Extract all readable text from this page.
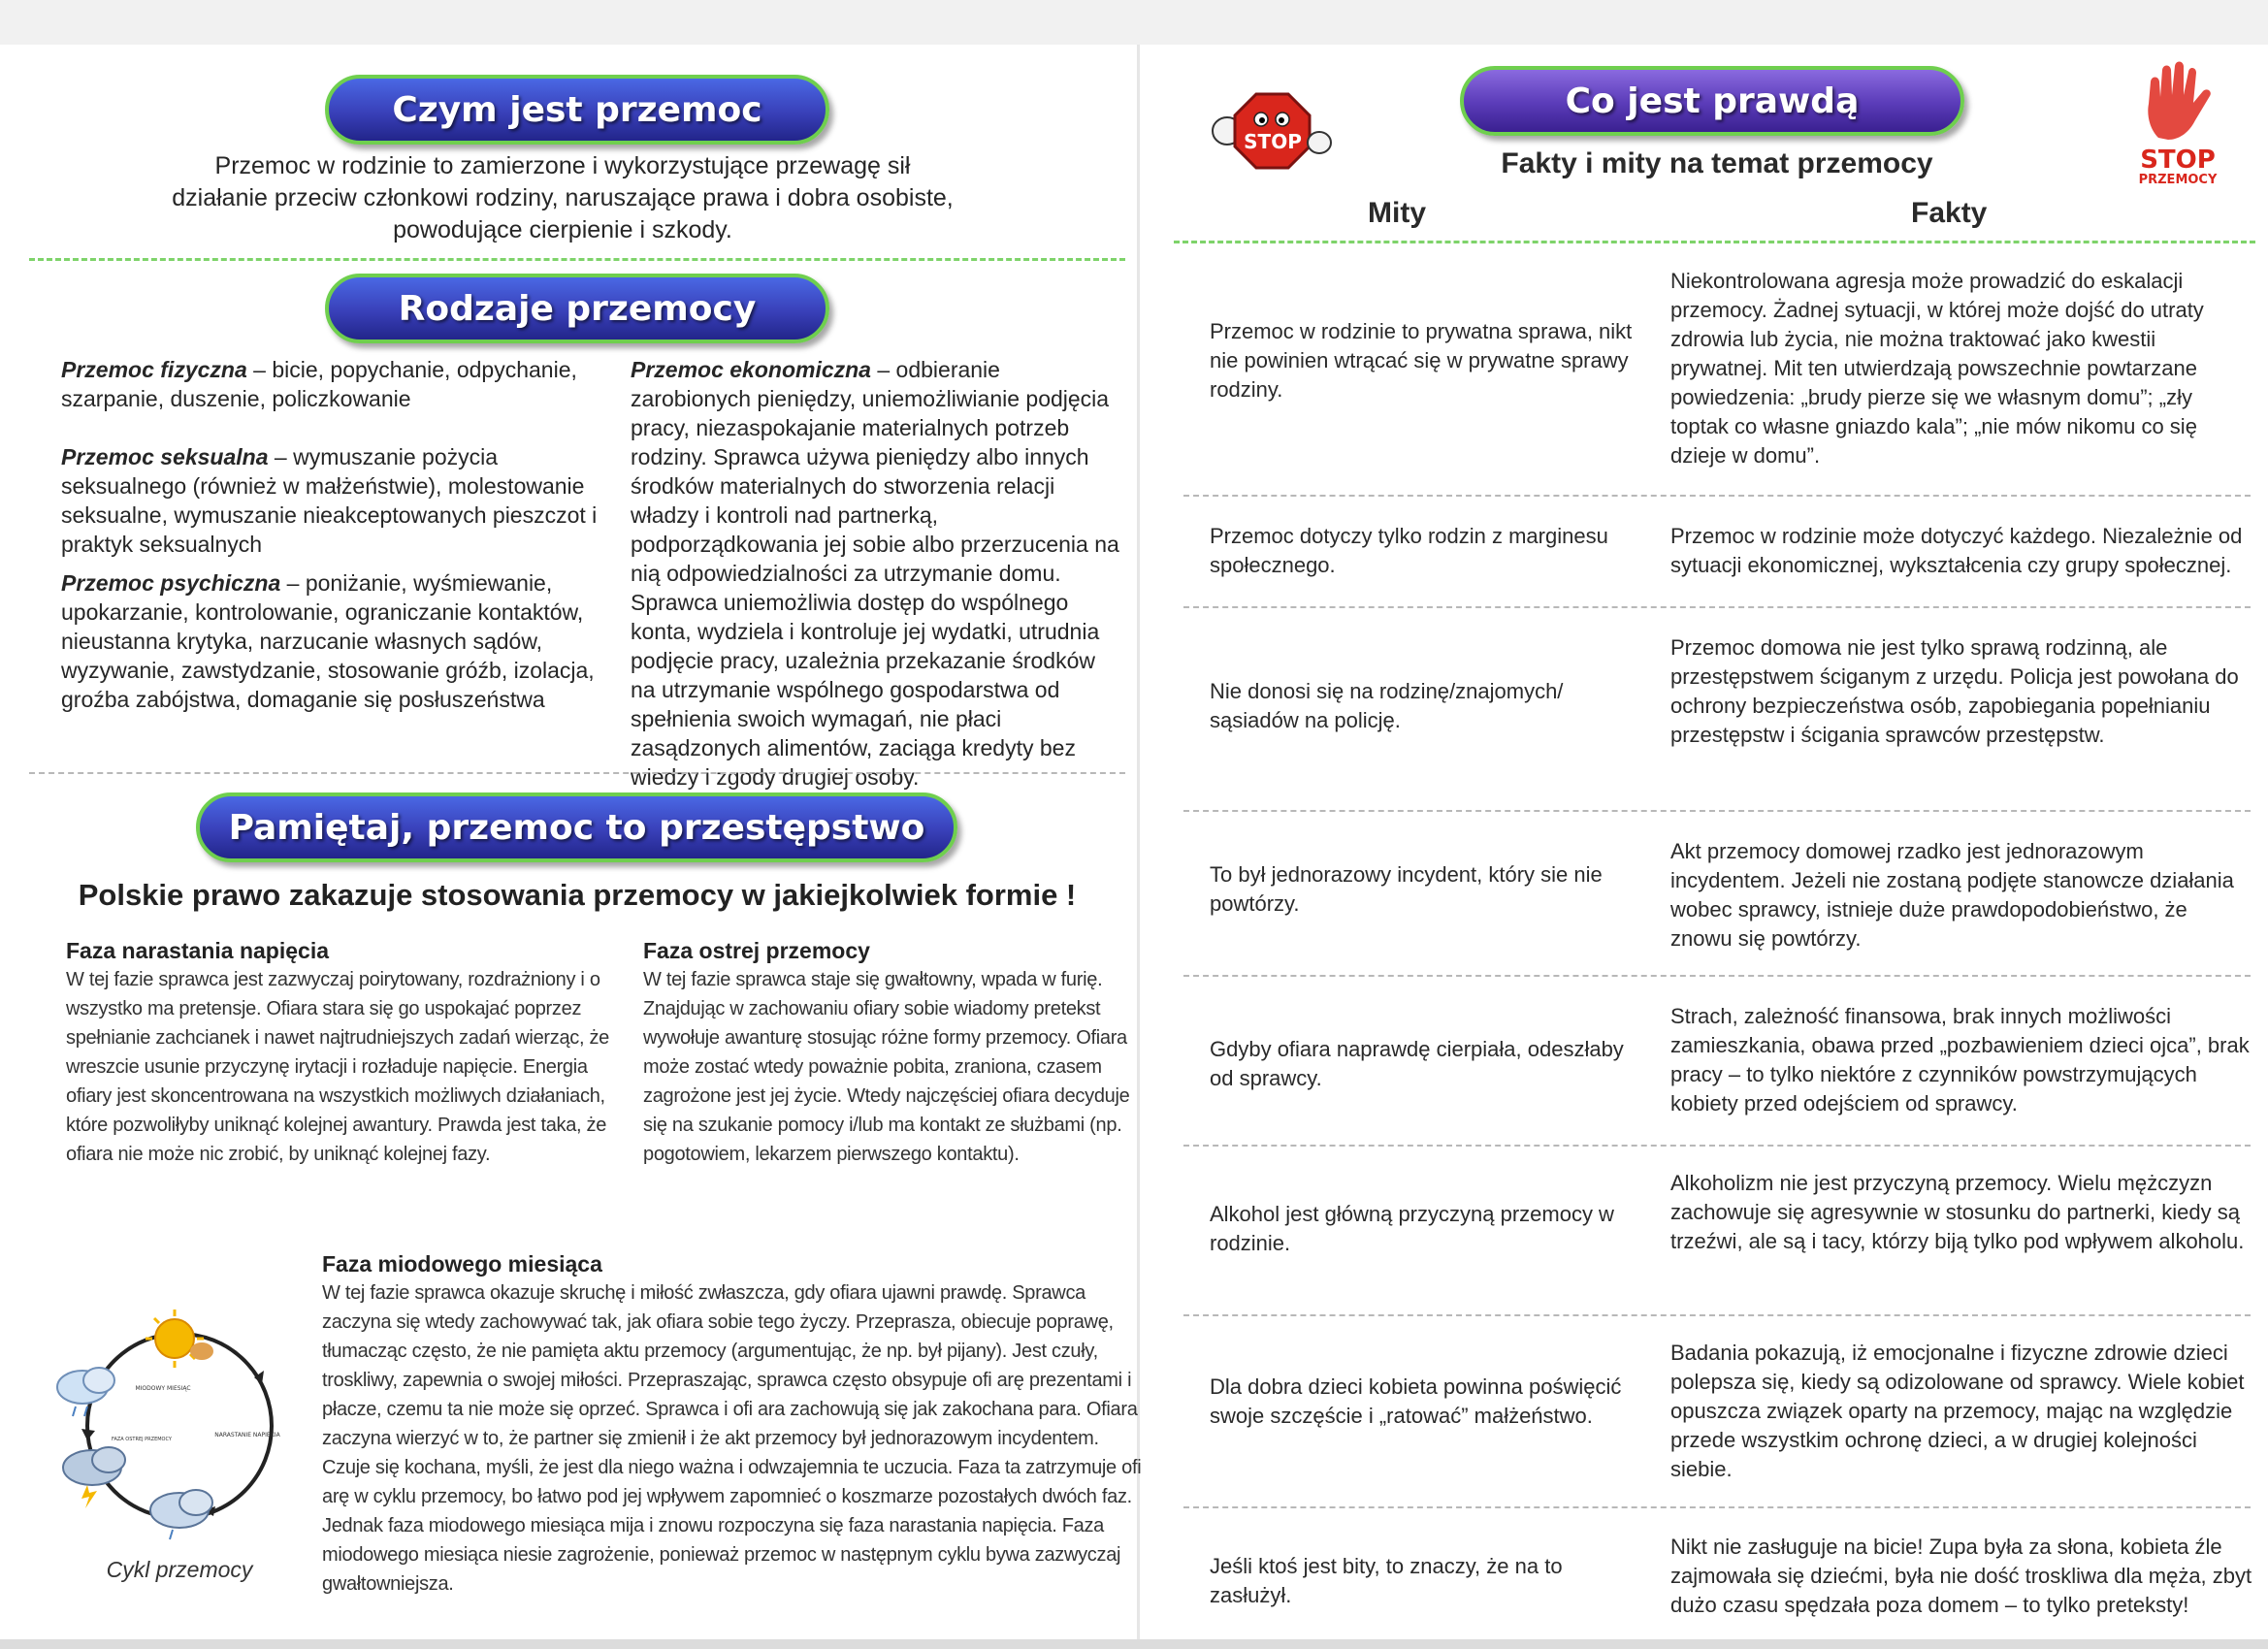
Czym jest przemoc
Przemoc w rodzinie to zamierzone i wykorzystujące przewagę sił
działanie przeciw członkowi rodziny, naruszające prawa i dobra osobiste,
powodujące cierpienie i szkody.
Rodzaje przemocy
Przemoc fizyczna – bicie, popychanie, odpychanie, szarpanie, duszenie, policzkowanie
Przemoc seksualna – wymuszanie pożycia seksualnego (również w małżeństwie), molestowanie seksualne, wymuszanie nieakceptowanych pieszczot i praktyk seksualnych
Przemoc psychiczna – poniżanie, wyśmiewanie, upokarzanie, kontrolowanie, ograniczanie kontaktów, nieustanna krytyka, narzucanie własnych sądów, wyzywanie, zawstydzanie, stosowanie gróźb, izolacja, groźba zabójstwa, domaganie się posłuszeństwa
Przemoc ekonomiczna – odbieranie zarobionych pieniędzy, uniemożliwianie podjęcia pracy, niezaspokajanie materialnych potrzeb rodziny. Sprawca używa pieniędzy albo innych środków materialnych do stworzenia relacji władzy i kontroli nad partnerką, podporządkowania jej sobie albo przerzucenia na nią odpowiedzialności za utrzymanie domu. Sprawca uniemożliwia dostęp do wspólnego konta, wydziela i kontroluje jej wydatki, utrudnia podjęcie pracy, uzależnia przekazanie środków na utrzymanie wspólnego gospodarstwa od spełnienia swoich wymagań, nie płaci zasądzonych alimentów, zaciąga kredyty bez wiedzy i zgody drugiej osoby.
Pamiętaj, przemoc to przestępstwo
Polskie prawo zakazuje stosowania przemocy w jakiejkolwiek formie !
Faza narastania napięcia
W tej fazie sprawca jest zazwyczaj poirytowany, rozdrażniony i o wszystko ma pretensje. Ofiara stara się go uspokajać poprzez spełnianie zachcianek i nawet najtrudniejszych zadań wierząc, że wreszcie usunie przyczynę irytacji i rozładuje napięcie. Energia ofiary jest skoncentrowana na wszystkich możliwych działaniach, które pozwoliłyby uniknąć kolejnej awantury. Prawda jest taka, że ofiara nie może nic zrobić, by uniknąć kolejnej fazy.
Faza ostrej przemocy
W tej fazie sprawca staje się gwałtowny, wpada w furię. Znajdując w zachowaniu ofiary sobie wiadomy pretekst wywołuje awanturę stosując różne formy przemocy. Ofiara może zostać wtedy poważnie pobita, zraniona, czasem zagrożone jest jej życie. Wtedy najczęściej ofiara decyduje się na szukanie pomocy i/lub ma kontakt ze służbami (np. pogotowiem, lekarzem pierwszego kontaktu).
Faza miodowego miesiąca
W tej fazie sprawca okazuje skruchę i miłość zwłaszcza, gdy ofiara ujawni prawdę. Sprawca zaczyna się wtedy zachowywać tak, jak ofiara sobie tego życzy. Przeprasza, obiecuje poprawę, tłumacząc często, że nie pamięta aktu przemocy (argumentując, że np. był pijany). Jest czuły, troskliwy, zapewnia o swojej miłości. Przepraszając, sprawca często obsypuje ofi arę prezentami i płacze, czemu ta nie może się oprzeć. Sprawca i ofi ara zachowują się jak zakochana para. Ofiara zaczyna wierzyć w to, że partner się zmienił i że akt przemocy był jednorazowym incydentem. Czuje się kochana, myśli, że jest dla niego ważna i odwzajemnia te uczucia. Faza ta zatrzymuje ofi arę w cyklu przemocy, bo łatwo pod jej wpływem zapomnieć o koszmarze pozostałych dwóch faz. Jednak faza miodowego miesiąca mija i znowu rozpoczyna się faza narastania napięcia. Faza miodowego miesiąca niesie zagrożenie, ponieważ przemoc w następnym cyklu bywa zazwyczaj gwałtowniejsza.
MIODOWY MIESIĄC
NARASTANIE NAPIĘCIA
FAZA OSTREJ PRZEMOCY
Cykl przemocy
STOP
Co jest prawdą
STOP
PRZEMOCY
Fakty i mity na temat przemocy
Mity	Fakty
Przemoc w rodzinie to prywatna sprawa, nikt nie powinien wtrącać się w prywatne sprawy rodziny.
Niekontrolowana agresja może prowadzić do eskalacji przemocy. Żadnej sytuacji, w której może dojść do utraty zdrowia lub życia, nie można traktować jako kwestii prywatnej. Mit ten utwierdzają powszechnie powtarzane powiedzenia: „brudy pierze się we własnym domu”; „zły toptak co własne gniazdo kala”; „nie mów nikomu co się dzieje w domu”.
Przemoc dotyczy tylko rodzin z marginesu społecznego.
Przemoc w rodzinie może dotyczyć każdego. Niezależnie od sytuacji ekonomicznej, wykształcenia czy grupy społecznej.
Nie donosi się na rodzinę/znajomych/ sąsiadów na policję.
Przemoc domowa nie jest tylko sprawą rodzinną, ale przestępstwem ściganym z urzędu. Policja jest powołana do ochrony bezpieczeństwa osób, zapobiegania popełnianiu przestępstw i ścigania sprawców przestępstw.
To był jednorazowy incydent, który sie nie powtórzy.
Akt przemocy domowej rzadko jest jednorazowym incydentem. Jeżeli nie zostaną podjęte stanowcze działania wobec sprawcy, istnieje duże prawdopodobieństwo, że znowu się powtórzy.
Gdyby ofiara naprawdę cierpiała, odeszłaby od sprawcy.
Strach, zależność finansowa, brak innych możliwości zamieszkania, obawa przed „pozbawieniem dzieci ojca”, brak pracy – to tylko niektóre z czynników powstrzymujących kobiety przed odejściem od sprawcy.
Alkohol jest główną przyczyną przemocy w rodzinie.
Alkoholizm nie jest przyczyną przemocy. Wielu mężczyzn zachowuje się agresywnie w stosunku do partnerki, kiedy są trzeźwi, ale są i tacy, którzy biją tylko pod wpływem alkoholu.
Dla dobra dzieci kobieta powinna poświęcić swoje szczęście i „ratować” małżeństwo.
Badania pokazują, iż emocjonalne i fizyczne zdrowie dzieci polepsza się, kiedy są odizolowane od sprawcy. Wiele kobiet opuszcza związek oparty na przemocy, mając na względzie przede wszystkim ochronę dzieci, a w drugiej kolejności siebie.
Jeśli ktoś jest bity, to znaczy, że na to zasłużył.
Nikt nie zasługuje na bicie! Zupa była za słona, kobieta źle zajmowała się dziećmi, była nie dość troskliwa dla męża, zbyt dużo czasu spędzała poza domem – to tylko preteksty!
